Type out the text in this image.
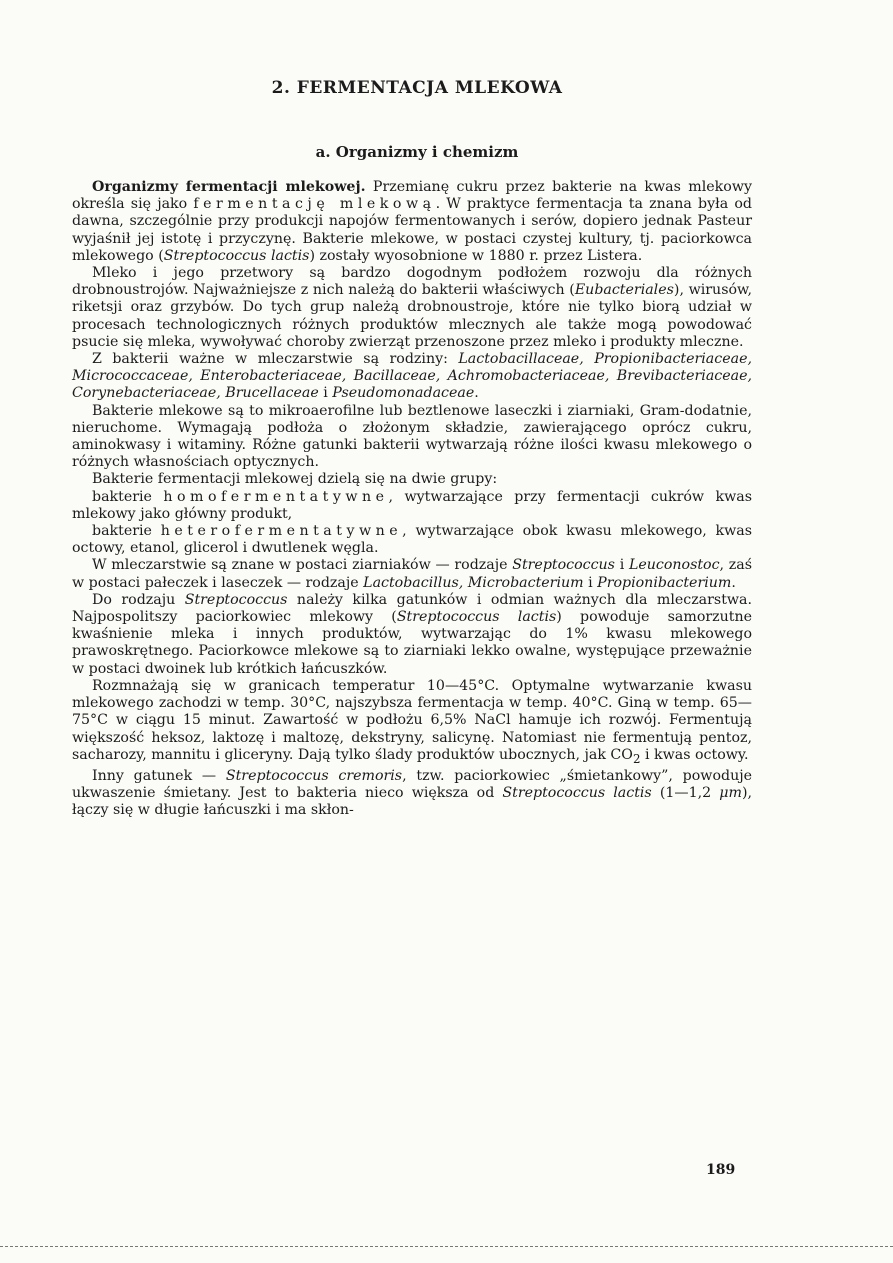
2. FERMENTACJA MLEKOWA
a. Organizmy i chemizm

Organizmy fermentacji mlekowej. Przemianę cukru przez bakterie na kwas mlekowy określa się jako fermentację mlekową. W praktyce fermentacja ta znana była od dawna, szczególnie przy produkcji napojów fermentowanych i serów, dopiero jednak Pasteur wyjaśnił jej istotę i przyczynę. Bakterie mlekowe, w postaci czystej kultury, tj. paciorkowca mlekowego (Streptococcus lactis) zostały wyosobnione w 1880 r. przez Listera.

Mleko i jego przetwory są bardzo dogodnym podłożem rozwoju dla różnych drobnoustrojów. Najważniejsze z nich należą do bakterii właściwych (Eubacteriales), wirusów, riketsji oraz grzybów. Do tych grup należą drobnoustroje, które nie tylko biorą udział w procesach technologicznych różnych produktów mlecznych ale także mogą powodować psucie się mleka, wywoływać choroby zwierząt przenoszone przez mleko i produkty mleczne.

Z bakterii ważne w mleczarstwie są rodziny: Lactobacillaceae, Propionibacteriaceae, Micrococcaceae, Enterobacteriaceae, Bacillaceae, Achromobacteriaceae, Brevibacteriaceae, Corynebacteriaceae, Brucellaceae i Pseudomonadaceae.

Bakterie mlekowe są to mikroaerofilne lub beztlenowe laseczki i ziarniaki, Gram-dodatnie, nieruchome. Wymagają podłoża o złożonym składzie, zawierającego oprócz cukru, aminokwasy i witaminy. Różne gatunki bakterii wytwarzają różne ilości kwasu mlekowego o różnych własnościach optycznych.

Bakterie fermentacji mlekowej dzielą się na dwie grupy:

bakterie homofermentatywne, wytwarzające przy fermentacji cukrów kwas mlekowy jako główny produkt,

bakterie heterofermentatywne, wytwarzające obok kwasu mlekowego, kwas octowy, etanol, glicerol i dwutlenek węgla.

W mleczarstwie są znane w postaci ziarniaków — rodzaje Streptococcus i Leuconostoc, zaś w postaci pałeczek i laseczek — rodzaje Lactobacillus, Microbacterium i Propionibacterium.

Do rodzaju Streptococcus należy kilka gatunków i odmian ważnych dla mleczarstwa. Najpospolitszy paciorkowiec mlekowy (Streptococcus lactis) powoduje samorzutne kwaśnienie mleka i innych produktów, wytwarzając do 1% kwasu mlekowego prawoskrętnego. Paciorkowce mlekowe są to ziarniaki lekko owalne, występujące przeważnie w postaci dwoinek lub krótkich łańcuszków.

Rozmnażają się w granicach temperatur 10—45°C. Optymalne wytwarzanie kwasu mlekowego zachodzi w temp. 30°C, najszybsza fermentacja w temp. 40°C. Giną w temp. 65—75°C w ciągu 15 minut. Zawartość w podłożu 6,5% NaCl hamuje ich rozwój. Fermentują większość heksoz, laktozę i maltozę, dekstryny, salicynę. Natomiast nie fermentują pentoz, sacharozy, mannitu i gliceryny. Dają tylko ślady produktów ubocznych, jak $CO_2$ i kwas octowy.

Inny gatunek — Streptococcus cremoris, tzw. paciorkowiec „śmietankowy”, powoduje ukwaszenie śmietany. Jest to bakteria nieco większa od Streptococcus lactis (1—1,2 μm), łączy się w długie łańcuszki i ma skłon-

189
